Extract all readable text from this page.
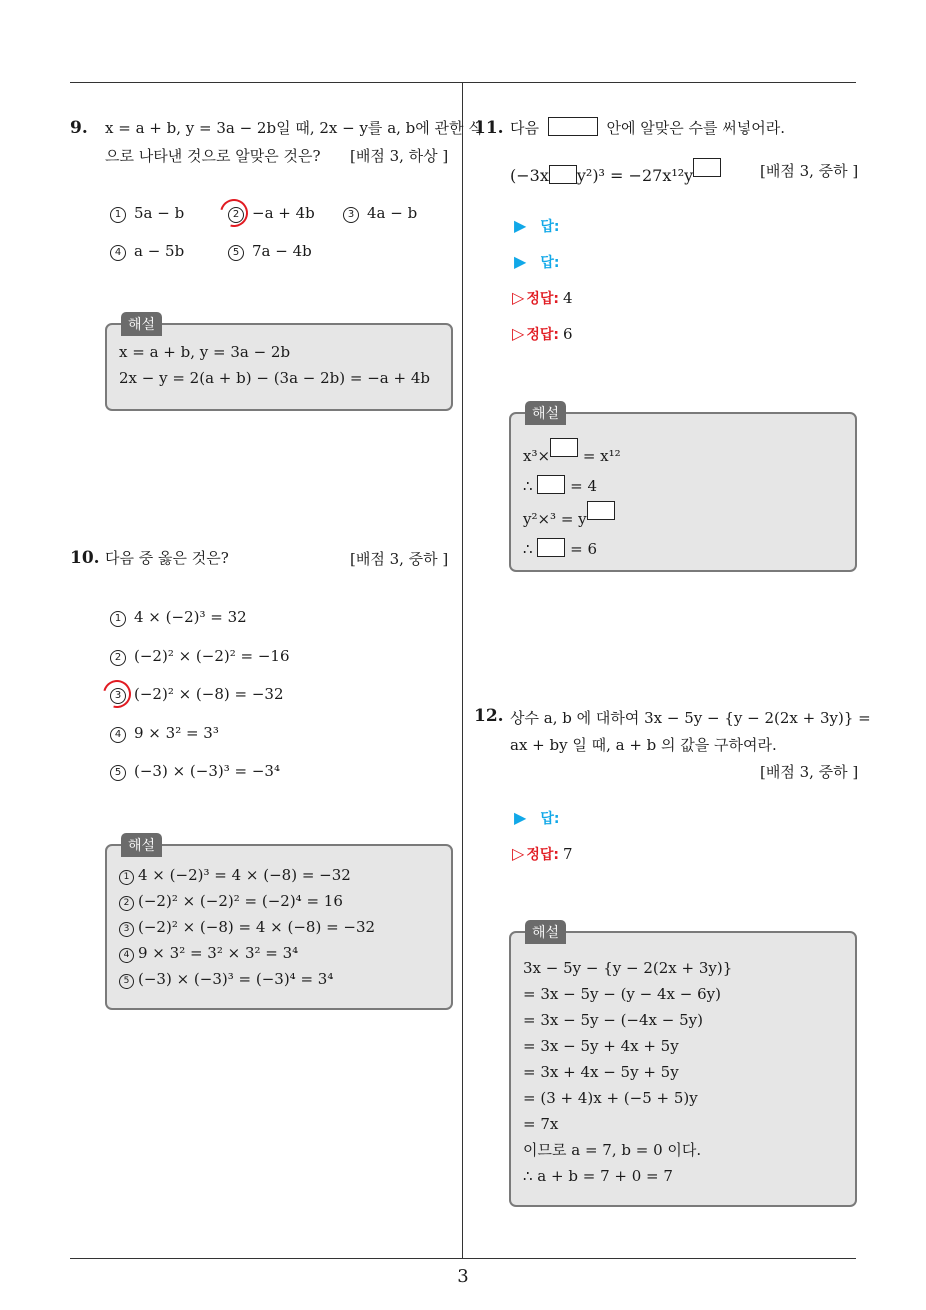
3
9. x = a + b, y = 3a − 2b일 때, 2x − y를 a, b에 관한 식
으로 나타낸 것으로 알맞은 것은? [배점 3, 하상 ]
1 5a − b	2 −a + 4b	3 4a − b
4 a − 5b	5 7a − 4b
해설
x = a + b, y = 3a − 2b
2x − y = 2(a + b) − (3a − 2b) = −a + 4b
10. 다음 중 옳은 것은?	[배점 3, 중하 ]
1 4 × (−2)³ = 32
2 (−2)² × (−2)² = −16
3 (−2)² × (−8) = −32
4 9 × 3² = 3³
5 (−3) × (−3)³ = −3⁴
해설
1 4 × (−2)³ = 4 × (−8) = −32
2 (−2)² × (−2)² = (−2)⁴ = 16
3 (−2)² × (−8) = 4 × (−8) = −32
4 9 × 3² = 3² × 3² = 3⁴
5 (−3) × (−3)³ = (−3)⁴ = 3⁴
11. 다음	안에 알맞은 수를 써넣어라.
(−3x y²)³ = −27x¹²y	[배점 3, 중하 ]
▶ 답:
▶ 답:
▷ 정답: 4
▷ 정답: 6
해설
x³× = x¹²
∴	= 4
y²×³ = y
∴	= 6
12. 상수 a, b 에 대하여 3x − 5y − {y − 2(2x + 3y)} =
ax + by 일 때, a + b 의 값을 구하여라.
[배점 3, 중하 ]
▶ 답:
▷ 정답: 7
해설
3x − 5y − {y − 2(2x + 3y)}
= 3x − 5y − (y − 4x − 6y)
= 3x − 5y − (−4x − 5y)
= 3x − 5y + 4x + 5y
= 3x + 4x − 5y + 5y
= (3 + 4)x + (−5 + 5)y
= 7x
이므로 a = 7, b = 0 이다.
∴ a + b = 7 + 0 = 7
